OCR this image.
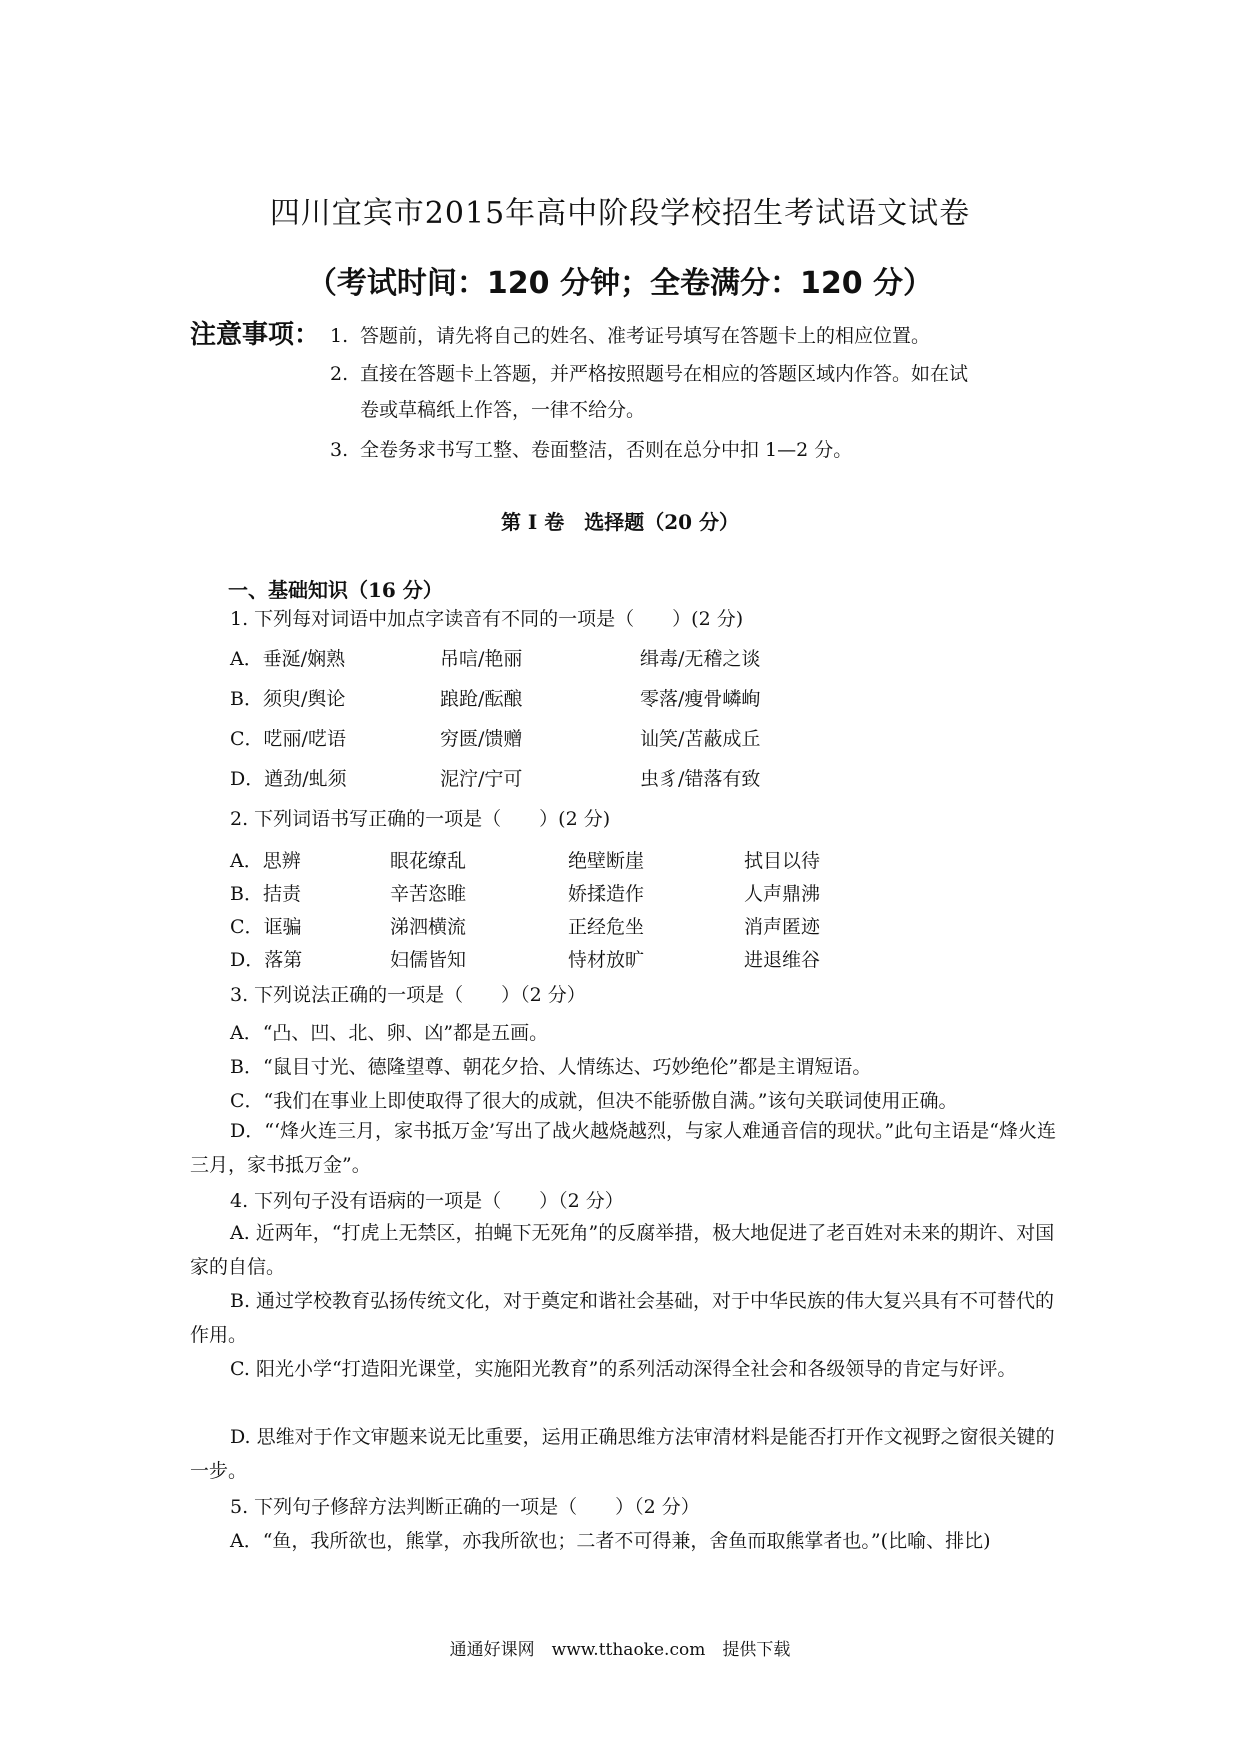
四川宜宾市2015年高中阶段学校招生考试语文试卷
（考试时间：120 分钟；全卷满分：120 分）
注意事项： 1. 答题前，请先将自己的姓名、准考证号填写在答题卡上的相应位置。
2. 直接在答题卡上答题，并严格按照题号在相应的答题区域内作答。如在试
卷或草稿纸上作答，一律不给分。
3. 全卷务求书写工整、卷面整洁，否则在总分中扣 1—2 分。
第 I 卷　选择题（20 分）
一、基础知识（16 分）
1. 下列每对词语中加点字读音有不同的一项是（　　）(2 分)
A．垂涎/娴熟	吊唁/艳丽	缉毒/无稽之谈
B．须臾/舆论	踉跄/酝酿	零落/瘦骨嶙峋
C．呓丽/呓语	穷匮/馈赠	讪笑/苫蔽成丘
D．遒劲/虬须	泥泞/宁可	虫豸/错落有致
2. 下列词语书写正确的一项是（　　）(2 分)
A．思辨	眼花缭乱	绝壁断崖	拭目以待
B．拮责	辛苦恣睢	娇揉造作	人声鼎沸
C．诓骗	涕泗横流	正经危坐	消声匿迹
D．落第	妇儒皆知	恃材放旷	进退维谷
3. 下列说法正确的一项是（　　）（2 分）
A．“凸、凹、北、卵、凶”都是五画。
B．“鼠目寸光、德隆望尊、朝花夕拾、人情练达、巧妙绝伦”都是主谓短语。
C．“我们在事业上即使取得了很大的成就，但决不能骄傲自满。”该句关联词使用正确。
D．“‘烽火连三月，家书抵万金’写出了战火越烧越烈，与家人难通音信的现状。”此句主语是“烽火连三月，家书抵万金”。
4. 下列句子没有语病的一项是（　　）（2 分）
A. 近两年，“打虎上无禁区，拍蝇下无死角”的反腐举措，极大地促进了老百姓对未来的期许、对国家的自信。
B. 通过学校教育弘扬传统文化，对于奠定和谐社会基础，对于中华民族的伟大复兴具有不可替代的作用。
C. 阳光小学“打造阳光课堂，实施阳光教育”的系列活动深得全社会和各级领导的肯定与好评。
D. 思维对于作文审题来说无比重要，运用正确思维方法审清材料是能否打开作文视野之窗很关键的一步。
5. 下列句子修辞方法判断正确的一项是（　　）（2 分）
A．“鱼，我所欲也，熊掌，亦我所欲也；二者不可得兼，舍鱼而取熊掌者也。”(比喻、排比)
通通好课网　www.tthaoke.com　提供下载
